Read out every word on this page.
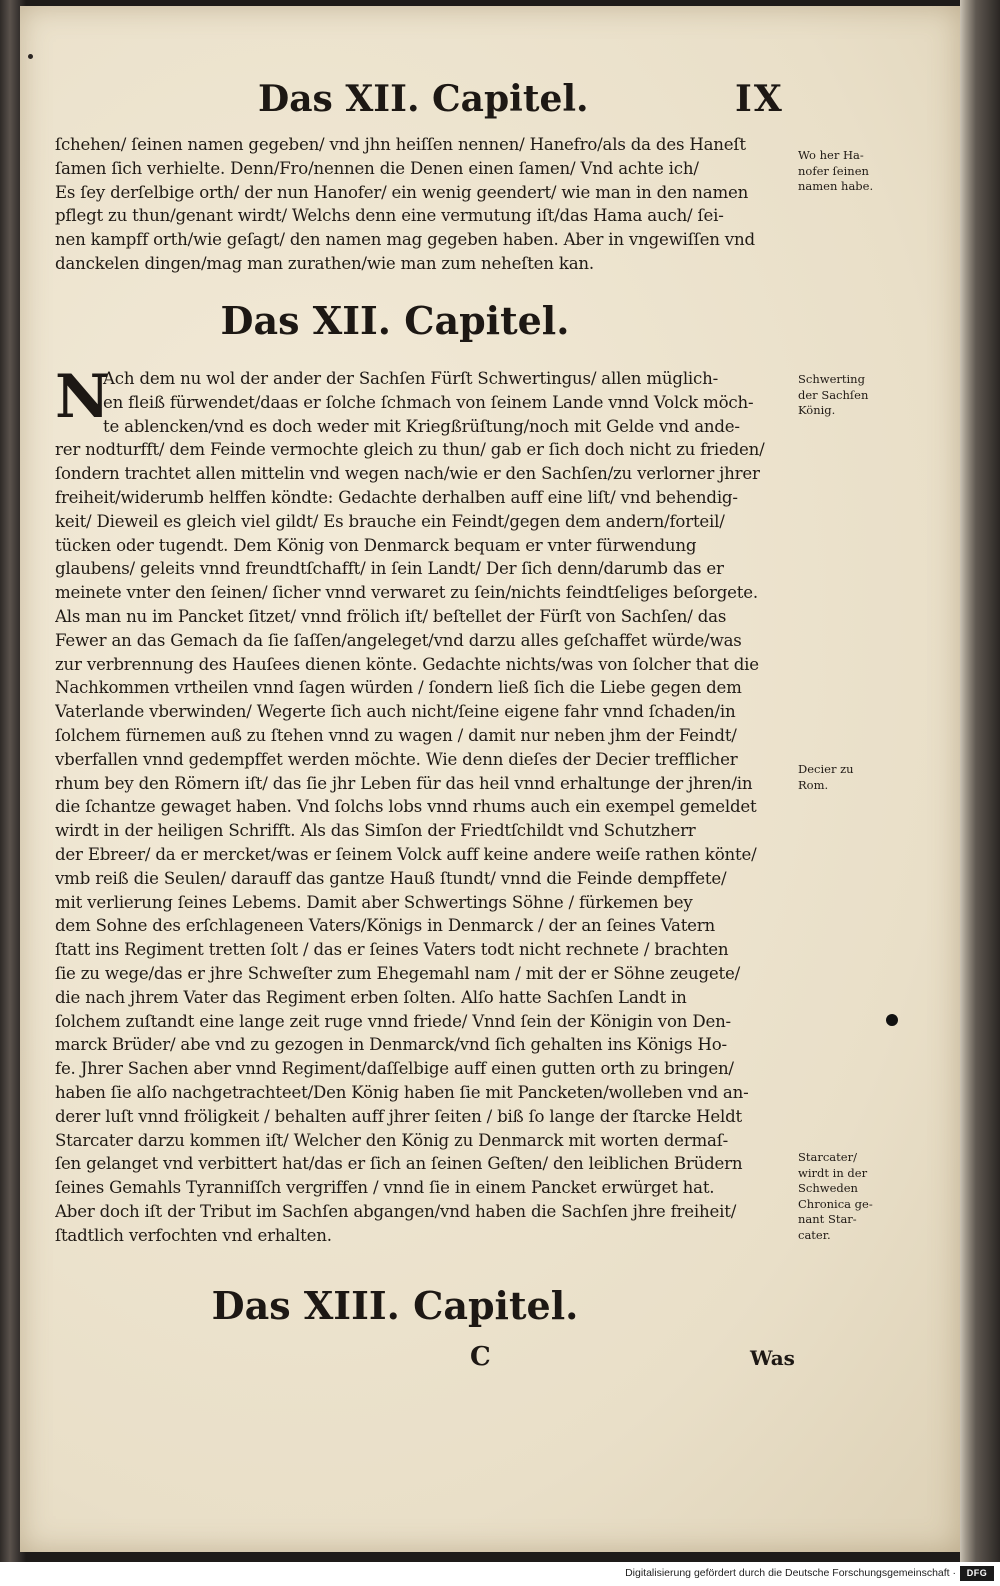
Das XII. Capitel.	IX
ſchehen/ ſeinen namen gegeben/ vnd jhn heiſſen nennen/ Hanefro/als da des Haneſt
ſamen ſich verhielte. Denn/Fro/nennen die Denen einen ſamen/ Vnd achte ich/
Es ſey derſelbige orth/ der nun Hanofer/ ein wenig geendert/ wie man in den namen
pflegt zu thun/genant wirdt/ Welchs denn eine vermutung iſt/das Hama auch/ ſei-
nen kampff orth/wie geſagt/ den namen mag gegeben haben. Aber in vngewiſſen vnd
danckelen dingen/mag man zurathen/wie man zum neheſten kan.
Das XII. Capitel.
N
Ach dem nu wol der ander der Sachſen Fürſt Schwertingus/ allen müglich-
en fleiß fürwendet/daas er ſolche ſchmach von ſeinem Lande vnnd Volck möch-
te ablencken/vnd es doch weder mit Kriegßrüſtung/noch mit Gelde vnd ande-
rer nodturfft/ dem Feinde vermochte gleich zu thun/ gab er ſich doch nicht zu frieden/
ſondern trachtet allen mittelin vnd wegen nach/wie er den Sachſen/zu verlorner jhrer
freiheit/widerumb helffen köndte: Gedachte derhalben auff eine liſt/ vnd behendig-
keit/ Dieweil es gleich viel gildt/ Es brauche ein Feindt/gegen dem andern/forteil/
tücken oder tugendt. Dem König von Denmarck bequam er vnter fürwendung
glaubens/ geleits vnnd freundtſchafft/ in ſein Landt/ Der ſich denn/darumb das er
meinete vnter den ſeinen/ ſicher vnnd verwaret zu ſein/nichts feindtſeliges beſorgete.
Als man nu im Pancket ſitzet/ vnnd frölich iſt/ beſtellet der Fürſt von Sachſen/ das
Fewer an das Gemach da ſie ſaſſen/angeleget/vnd darzu alles geſchaffet würde/was
zur verbrennung des Hauſees dienen könte. Gedachte nichts/was von ſolcher that die
Nachkommen vrtheilen vnnd ſagen würden / ſondern ließ ſich die Liebe gegen dem
Vaterlande vberwinden/ Wegerte ſich auch nicht/ſeine eigene fahr vnnd ſchaden/in
ſolchem fürnemen auß zu ſtehen vnnd zu wagen / damit nur neben jhm der Feindt/
vberfallen vnnd gedempffet werden möchte. Wie denn dieſes der Decier trefflicher
rhum bey den Römern iſt/ das ſie jhr Leben für das heil vnnd erhaltunge der jhren/in
die ſchantze gewaget haben. Vnd ſolchs lobs vnnd rhums auch ein exempel gemeldet
wirdt in der heiligen Schrifft. Als das Simſon der Friedtſchildt vnd Schutzherr
der Ebreer/ da er mercket/was er ſeinem Volck auff keine andere weiſe rathen könte/
vmb reiß die Seulen/ darauff das gantze Hauß ſtundt/ vnnd die Feinde dempffete/
mit verlierung ſeines Lebems. Damit aber Schwertings Söhne / fürkemen bey
dem Sohne des erſchlageneen Vaters/Königs in Denmarck / der an ſeines Vatern
ſtatt ins Regiment tretten ſolt / das er ſeines Vaters todt nicht rechnete / brachten
ſie zu wege/das er jhre Schweſter zum Ehegemahl nam / mit der er Söhne zeugete/
die nach jhrem Vater das Regiment erben ſolten. Alſo hatte Sachſen Landt in
ſolchem zuſtandt eine lange zeit ruge vnnd friede/ Vnnd ſein der Königin von Den-
marck Brüder/ abe vnd zu gezogen in Denmarck/vnd ſich gehalten ins Königs Ho-
fe. Jhrer Sachen aber vnnd Regiment/daſſelbige auff einen gutten orth zu bringen/
haben ſie alſo nachgetrachteet/Den König haben ſie mit Pancketen/wolleben vnd an-
derer luſt vnnd fröligkeit / behalten auff jhrer ſeiten / biß ſo lange der ſtarcke Heldt
Starcater darzu kommen iſt/ Welcher den König zu Denmarck mit worten dermaſ-
ſen gelanget vnd verbittert hat/das er ſich an ſeinen Geſten/ den leiblichen Brüdern
ſeines Gemahls Tyranniſſch vergriffen / vnnd ſie in einem Pancket erwürget hat.
Aber doch iſt der Tribut im Sachſen abgangen/vnd haben die Sachſen jhre freiheit/
ſtadtlich verfochten vnd erhalten.
Wo her Ha-
nofer ſeinen
namen habe.
Schwerting
der Sachſen
König.
Decier zu
Rom.
Starcater/
wirdt in der
Schweden
Chronica ge-
nant Star-
cater.
Das XIII. Capitel.
C	Was
Digitalisierung gefördert durch die Deutsche Forschungsgemeinschaft ·	DFG
